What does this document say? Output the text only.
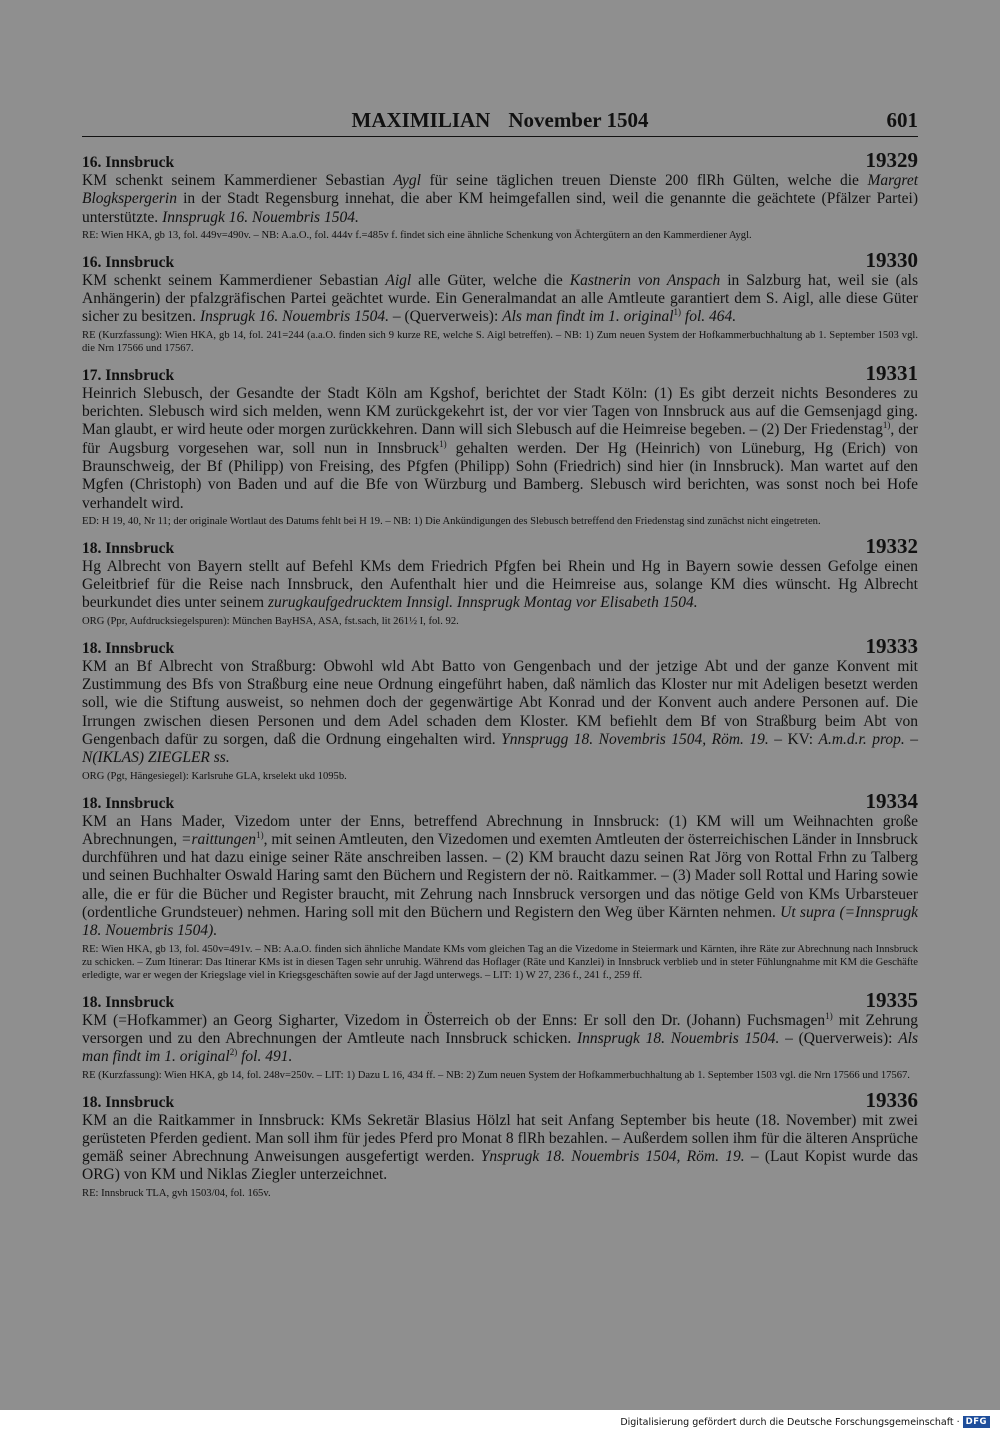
MAXIMILIAN November 1504	601
16. Innsbruck	19329
KM schenkt seinem Kammerdiener Sebastian Aygl für seine täglichen treuen Dienste 200 flRh Gülten, welche die Margret Blogkspergerin in der Stadt Regensburg innehat, die aber KM heimgefallen sind, weil die genannte die geächtete (Pfälzer Partei) unterstützte. Innsprugk 16. Nouembris 1504.
RE: Wien HKA, gb 13, fol. 449v=490v. – NB: A.a.O., fol. 444v f.=485v f. findet sich eine ähnliche Schenkung von Ächtergütern an den Kammerdiener Aygl.
16. Innsbruck	19330
KM schenkt seinem Kammerdiener Sebastian Aigl alle Güter, welche die Kastnerin von Anspach in Salzburg hat, weil sie (als Anhängerin) der pfalzgräfischen Partei geächtet wurde. Ein Generalmandat an alle Amtleute garantiert dem S. Aigl, alle diese Güter sicher zu besitzen. Insprugk 16. Nouembris 1504. – (Querverweis): Als man findt im 1. original$^{1)}$ fol. 464.
RE (Kurzfassung): Wien HKA, gb 14, fol. 241=244 (a.a.O. finden sich 9 kurze RE, welche S. Aigl betreffen). – NB: 1) Zum neuen System der Hofkammerbuchhaltung ab 1. September 1503 vgl. die Nrn 17566 und 17567.
17. Innsbruck	19331
Heinrich Slebusch, der Gesandte der Stadt Köln am Kgshof, berichtet der Stadt Köln: (1) Es gibt derzeit nichts Besonderes zu berichten. Slebusch wird sich melden, wenn KM zurückgekehrt ist, der vor vier Tagen von Innsbruck aus auf die Gemsenjagd ging. Man glaubt, er wird heute oder morgen zurückkehren. Dann will sich Slebusch auf die Heimreise begeben. – (2) Der Friedenstag$^{1)}$, der für Augsburg vorgesehen war, soll nun in Innsbruck$^{1)}$ gehalten werden. Der Hg (Heinrich) von Lüneburg, Hg (Erich) von Braunschweig, der Bf (Philipp) von Freising, des Pfgfen (Philipp) Sohn (Friedrich) sind hier (in Innsbruck). Man wartet auf den Mgfen (Christoph) von Baden und auf die Bfe von Würzburg und Bamberg. Slebusch wird berichten, was sonst noch bei Hofe verhandelt wird.
ED: H 19, 40, Nr 11; der originale Wortlaut des Datums fehlt bei H 19. – NB: 1) Die Ankündigungen des Slebusch betreffend den Friedenstag sind zunächst nicht eingetreten.
18. Innsbruck	19332
Hg Albrecht von Bayern stellt auf Befehl KMs dem Friedrich Pfgfen bei Rhein und Hg in Bayern sowie dessen Gefolge einen Geleitbrief für die Reise nach Innsbruck, den Aufenthalt hier und die Heimreise aus, solange KM dies wünscht. Hg Albrecht beurkundet dies unter seinem zurugkaufgedrucktem Innsigl. Innsprugk Montag vor Elisabeth 1504.
ORG (Ppr, Aufdrucksiegelspuren): München BayHSA, ASA, fst.sach, lit 261½ I, fol. 92.
18. Innsbruck	19333
KM an Bf Albrecht von Straßburg: Obwohl wld Abt Batto von Gengenbach und der jetzige Abt und der ganze Konvent mit Zustimmung des Bfs von Straßburg eine neue Ordnung eingeführt haben, daß nämlich das Kloster nur mit Adeligen besetzt werden soll, wie die Stiftung ausweist, so nehmen doch der gegenwärtige Abt Konrad und der Konvent auch andere Personen auf. Die Irrungen zwischen diesen Personen und dem Adel schaden dem Kloster. KM befiehlt dem Bf von Straßburg beim Abt von Gengenbach dafür zu sorgen, daß die Ordnung eingehalten wird. Ynnsprugg 18. Novembris 1504, Röm. 19. – KV: A.m.d.r. prop. – N(IKLAS) ZIEGLER ss.
ORG (Pgt, Hängesiegel): Karlsruhe GLA, krselekt ukd 1095b.
18. Innsbruck	19334
KM an Hans Mader, Vizedom unter der Enns, betreffend Abrechnung in Innsbruck: (1) KM will um Weihnachten große Abrechnungen, =raittungen$^{1)}$, mit seinen Amtleuten, den Vizedomen und exemten Amtleuten der österreichischen Länder in Innsbruck durchführen und hat dazu einige seiner Räte anschreiben lassen. – (2) KM braucht dazu seinen Rat Jörg von Rottal Frhn zu Talberg und seinen Buchhalter Oswald Haring samt den Büchern und Registern der nö. Raitkammer. – (3) Mader soll Rottal und Haring sowie alle, die er für die Bücher und Register braucht, mit Zehrung nach Innsbruck versorgen und das nötige Geld von KMs Urbarsteuer (ordentliche Grundsteuer) nehmen. Haring soll mit den Büchern und Registern den Weg über Kärnten nehmen. Ut supra (=Innsprugk 18. Nouembris 1504).
RE: Wien HKA, gb 13, fol. 450v=491v. – NB: A.a.O. finden sich ähnliche Mandate KMs vom gleichen Tag an die Vizedome in Steiermark und Kärnten, ihre Räte zur Abrechnung nach Innsbruck zu schicken. – Zum Itinerar: Das Itinerar KMs ist in diesen Tagen sehr unruhig. Während das Hoflager (Räte und Kanzlei) in Innsbruck verblieb und in steter Fühlungnahme mit KM die Geschäfte erledigte, war er wegen der Kriegslage viel in Kriegsgeschäften sowie auf der Jagd unterwegs. – LIT: 1) W 27, 236 f., 241 f., 259 ff.
18. Innsbruck	19335
KM (=Hofkammer) an Georg Sigharter, Vizedom in Österreich ob der Enns: Er soll den Dr. (Johann) Fuchsmagen$^{1)}$ mit Zehrung versorgen und zu den Abrechnungen der Amtleute nach Innsbruck schicken. Innsprugk 18. Nouembris 1504. – (Querverweis): Als man findt im 1. original$^{2)}$ fol. 491.
RE (Kurzfassung): Wien HKA, gb 14, fol. 248v=250v. – LIT: 1) Dazu L 16, 434 ff. – NB: 2) Zum neuen System der Hofkammerbuchhaltung ab 1. September 1503 vgl. die Nrn 17566 und 17567.
18. Innsbruck	19336
KM an die Raitkammer in Innsbruck: KMs Sekretär Blasius Hölzl hat seit Anfang September bis heute (18. November) mit zwei gerüsteten Pferden gedient. Man soll ihm für jedes Pferd pro Monat 8 flRh bezahlen. – Außerdem sollen ihm für die älteren Ansprüche gemäß seiner Abrechnung Anweisungen ausgefertigt werden. Ynsprugk 18. Nouembris 1504, Röm. 19. – (Laut Kopist wurde das ORG) von KM und Niklas Ziegler unterzeichnet.
RE: Innsbruck TLA, gvh 1503/04, fol. 165v.
Digitalisierung gefördert durch die Deutsche Forschungsgemeinschaft · DFG
